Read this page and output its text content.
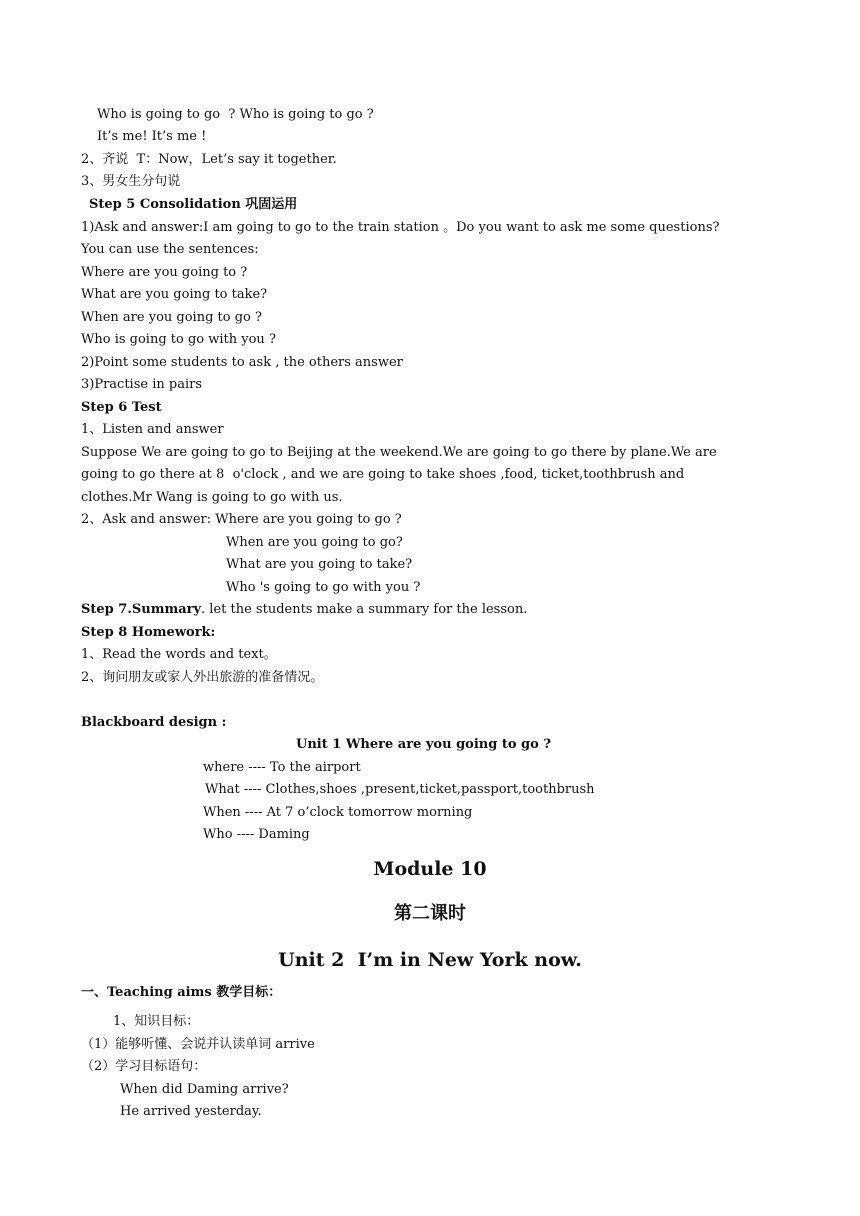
Who is going to go  ? Who is going to go ?
It’s me! It’s me !
2、齐说  T：Now，Let’s say it together.
3、男女生分句说
Step 5 Consolidation 巩固运用
1)Ask and answer:I am going to go to the train station 。Do you want to ask me some questions?
You can use the sentences:
Where are you going to ?
What are you going to take?
When are you going to go ?
Who is going to go with you ?
2)Point some students to ask , the others answer
3)Practise in pairs
Step 6 Test
1、Listen and answer
Suppose We are going to go to Beijing at the weekend.We are going to go there by plane.We are
going to go there at 8  o'clock , and we are going to take shoes ,food, ticket,toothbrush and
clothes.Mr Wang is going to go with us.
2、Ask and answer: Where are you going to go ?
When are you going to go?
What are you going to take?
Who 's going to go with you ?
Step 7.Summary. let the students make a summary for the lesson.
Step 8 Homework:
1、Read the words and text。
2、询问朋友或家人外出旅游的准备情况。
Blackboard design :
Unit 1 Where are you going to go ?
where ---- To the airport
What ---- Clothes,shoes ,present,ticket,passport,toothbrush
When ---- At 7 o’clock tomorrow morning
Who ---- Daming
Module 10
第二课时
Unit 2  I’m in New York now.
一、Teaching aims 教学目标：
1、知识目标：
（1）能够听懂、会说并认读单词 arrive
（2）学习目标语句：
When did Daming arrive?
He arrived yesterday.
